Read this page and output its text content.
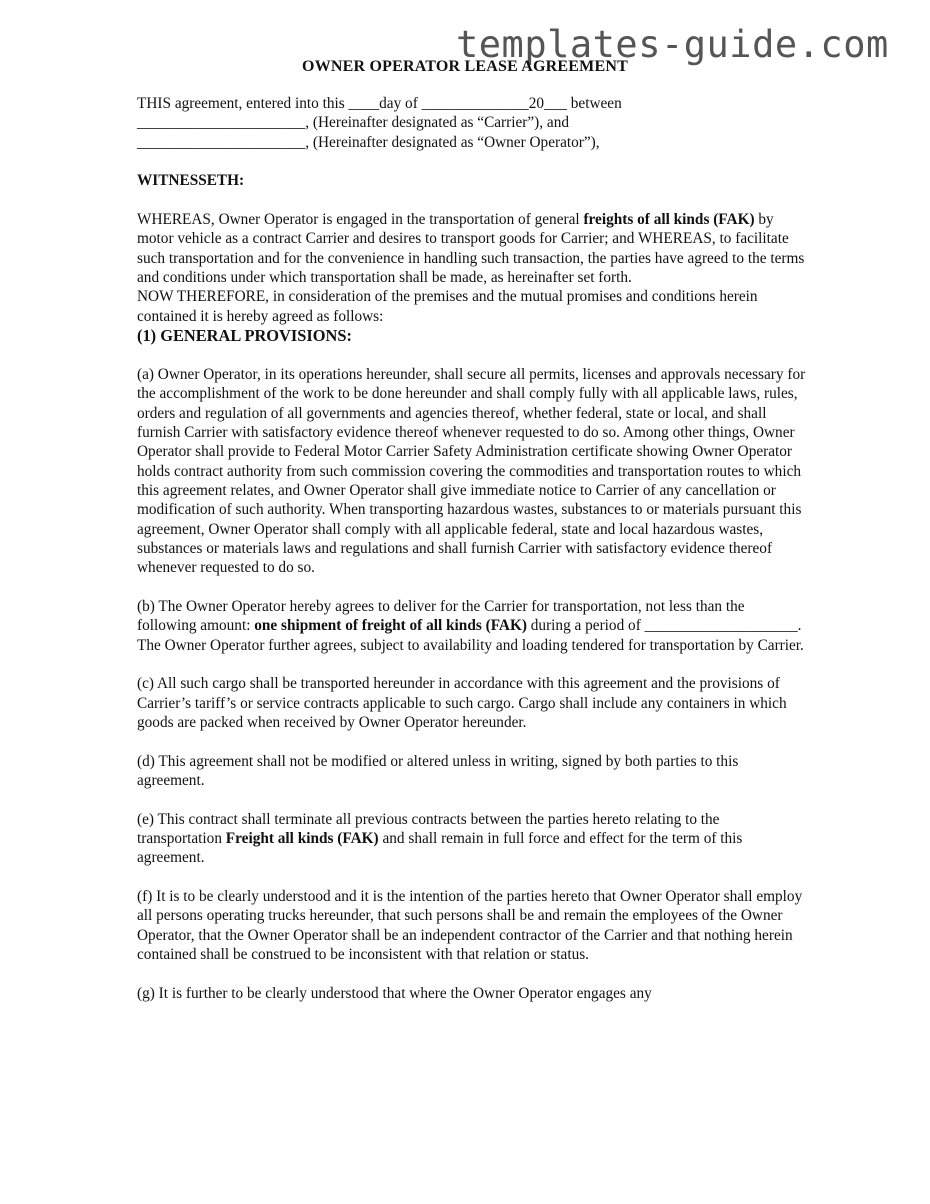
templates-guide.com
OWNER OPERATOR LEASE AGREEMENT

THIS agreement, entered into this ____day of ______________20___ between
______________________, (Hereinafter designated as “Carrier”), and
______________________, (Hereinafter designated as “Owner Operator”),

WITNESSETH:

WHEREAS, Owner Operator is engaged in the transportation of general freights of all kinds (FAK) by motor vehicle as a contract Carrier and desires to transport goods for Carrier; and WHEREAS, to facilitate such transportation and for the convenience in handling such transaction, the parties have agreed to the terms and conditions under which transportation shall be made, as hereinafter set forth.

NOW THEREFORE, in consideration of the premises and the mutual promises and conditions herein contained it is hereby agreed as follows:

(1) GENERAL PROVISIONS:

(a) Owner Operator, in its operations hereunder, shall secure all permits, licenses and approvals necessary for the accomplishment of the work to be done hereunder and shall comply fully with all applicable laws, rules, orders and regulation of all governments and agencies thereof, whether federal, state or local, and shall furnish Carrier with satisfactory evidence thereof whenever requested to do so. Among other things, Owner Operator shall provide to Federal Motor Carrier Safety Administration certificate showing Owner Operator holds contract authority from such commission covering the commodities and transportation routes to which this agreement relates, and Owner Operator shall give immediate notice to Carrier of any cancellation or modification of such authority. When transporting hazardous wastes, substances to or materials pursuant this agreement, Owner Operator shall comply with all applicable federal, state and local hazardous wastes, substances or materials laws and regulations and shall furnish Carrier with satisfactory evidence thereof whenever requested to do so.

(b) The Owner Operator hereby agrees to deliver for the Carrier for transportation, not less than the following amount: one shipment of freight of all kinds (FAK) during a period of ____________________. The Owner Operator further agrees, subject to availability and loading tendered for transportation by Carrier.

(c) All such cargo shall be transported hereunder in accordance with this agreement and the provisions of Carrier’s tariff’s or service contracts applicable to such cargo. Cargo shall include any containers in which goods are packed when received by Owner Operator hereunder.

(d) This agreement shall not be modified or altered unless in writing, signed by both parties to this agreement.

(e) This contract shall terminate all previous contracts between the parties hereto relating to the transportation Freight all kinds (FAK) and shall remain in full force and effect for the term of this agreement.

(f) It is to be clearly understood and it is the intention of the parties hereto that Owner Operator shall employ all persons operating trucks hereunder, that such persons shall be and remain the employees of the Owner Operator, that the Owner Operator shall be an independent contractor of the Carrier and that nothing herein contained shall be construed to be inconsistent with that relation or status.

(g) It is further to be clearly understood that where the Owner Operator engages any
